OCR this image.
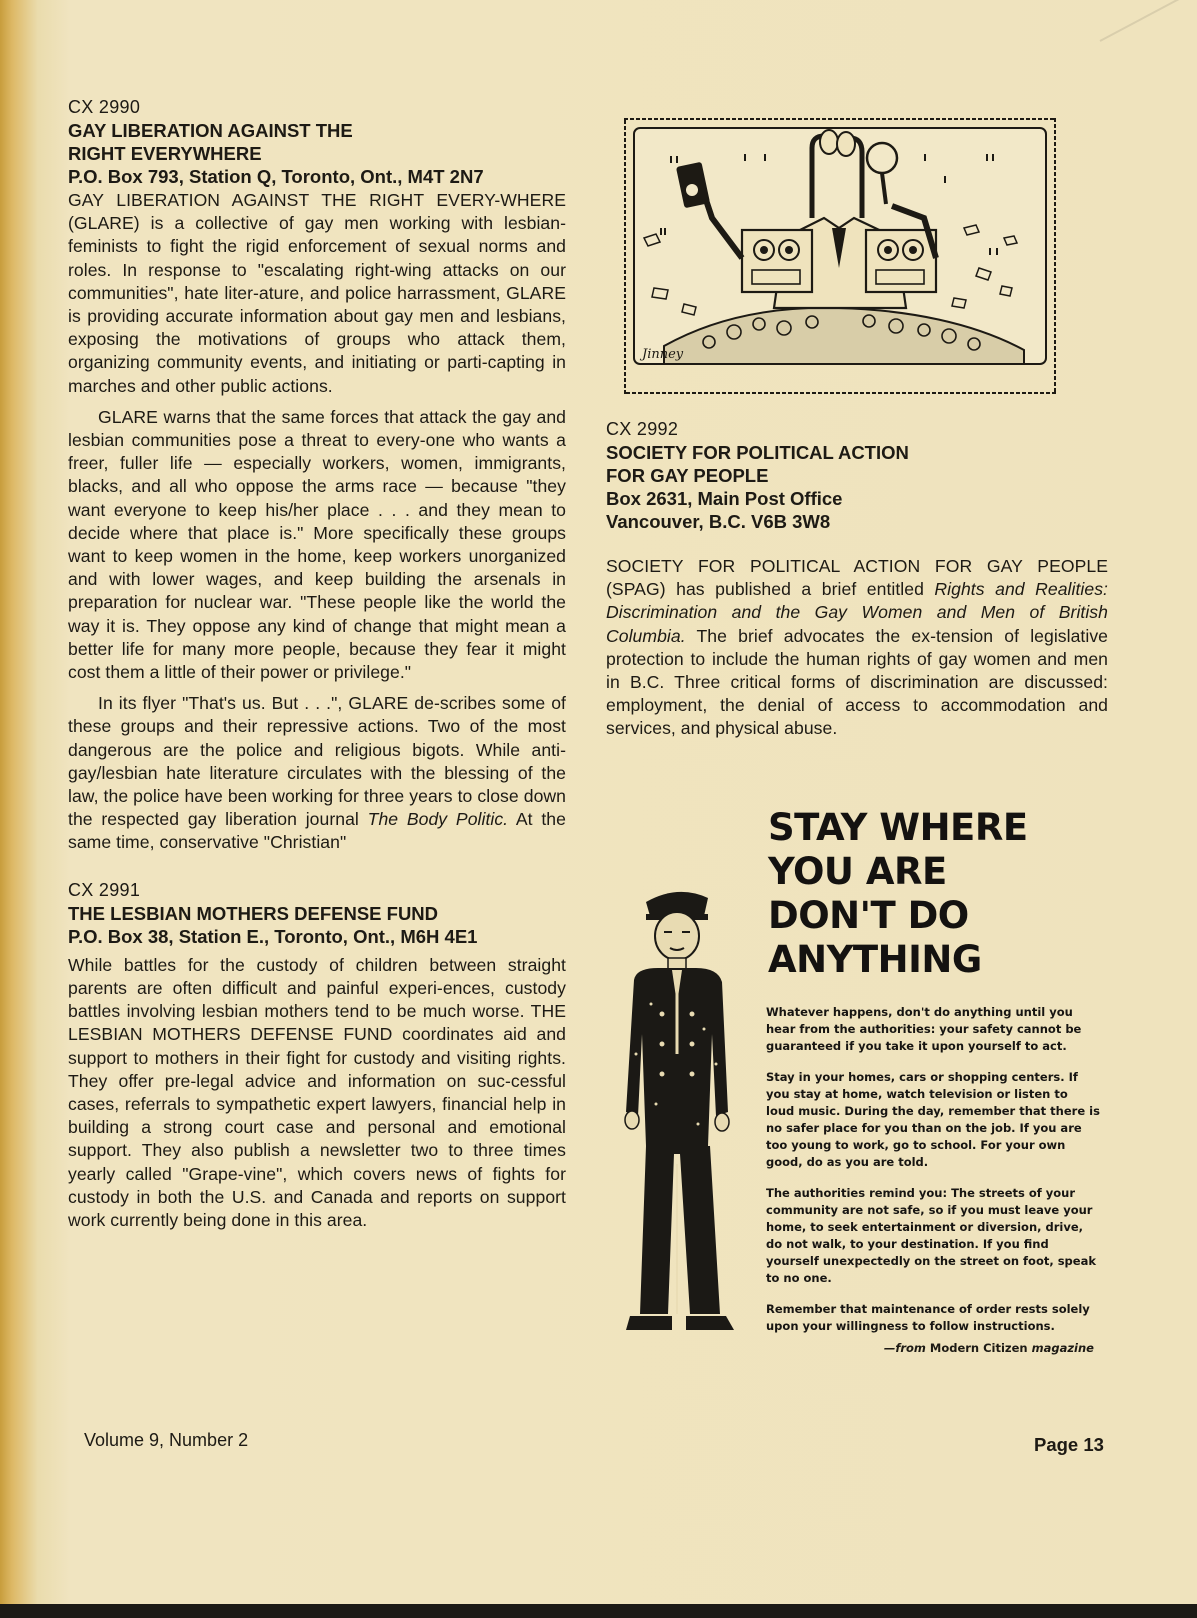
CX 2990
GAY LIBERATION AGAINST THE
RIGHT EVERYWHERE
P.O. Box 793, Station Q, Toronto, Ont., M4T 2N7

GAY LIBERATION AGAINST THE RIGHT EVERY-WHERE (GLARE) is a collective of gay men working with lesbian-feminists to fight the rigid enforcement of sexual norms and roles. In response to "escalating right-wing attacks on our communities", hate liter-ature, and police harrassment, GLARE is providing accurate information about gay men and lesbians, exposing the motivations of groups who attack them, organizing community events, and initiating or parti-capting in marches and other public actions.

GLARE warns that the same forces that attack the gay and lesbian communities pose a threat to every-one who wants a freer, fuller life — especially workers, women, immigrants, blacks, and all who oppose the arms race — because "they want everyone to keep his/her place . . . and they mean to decide where that place is." More specifically these groups want to keep women in the home, keep workers unorganized and with lower wages, and keep building the arsenals in preparation for nuclear war. "These people like the world the way it is. They oppose any kind of change that might mean a better life for many more people, because they fear it might cost them a little of their power or privilege."

In its flyer "That's us. But . . .", GLARE de-scribes some of these groups and their repressive actions. Two of the most dangerous are the police and religious bigots. While anti-gay/lesbian hate literature circulates with the blessing of the law, the police have been working for three years to close down the respected gay liberation journal The Body Politic. At the same time, conservative "Christian"

CX 2991
THE LESBIAN MOTHERS DEFENSE FUND
P.O. Box 38, Station E., Toronto, Ont., M6H 4E1

While battles for the custody of children between straight parents are often difficult and painful experi-ences, custody battles involving lesbian mothers tend to be much worse. THE LESBIAN MOTHERS DEFENSE FUND coordinates aid and support to mothers in their fight for custody and visiting rights. They offer pre-legal advice and information on suc-cessful cases, referrals to sympathetic expert lawyers, financial help in building a strong court case and personal and emotional support. They also publish a newsletter two to three times yearly called "Grape-vine", which covers news of fights for custody in both the U.S. and Canada and reports on support work currently being done in this area.

Jinney
CX 2992
SOCIETY FOR POLITICAL ACTION
FOR GAY PEOPLE
Box 2631, Main Post Office
Vancouver, B.C. V6B 3W8

SOCIETY FOR POLITICAL ACTION FOR GAY PEOPLE (SPAG) has published a brief entitled Rights and Realities: Discrimination and the Gay Women and Men of British Columbia. The brief advocates the ex-tension of legislative protection to include the human rights of gay women and men in B.C. Three critical forms of discrimination are discussed: employment, the denial of access to accommodation and services, and physical abuse.

STAY WHERE
YOU ARE
DON'T DO
ANYTHING

Whatever happens, don't do anything until you hear from the authorities: your safety cannot be guaranteed if you take it upon yourself to act.

Stay in your homes, cars or shopping centers. If you stay at home, watch television or listen to loud music. During the day, remember that there is no safer place for you than on the job. If you are too young to work, go to school. For your own good, do as you are told.

The authorities remind you: The streets of your community are not safe, so if you must leave your home, to seek entertainment or diversion, drive, do not walk, to your destination. If you find yourself unexpectedly on the street on foot, speak to no one.

Remember that maintenance of order rests solely upon your willingness to follow instructions.

—from Modern Citizen magazine
Volume 9, Number 2	Page 13
